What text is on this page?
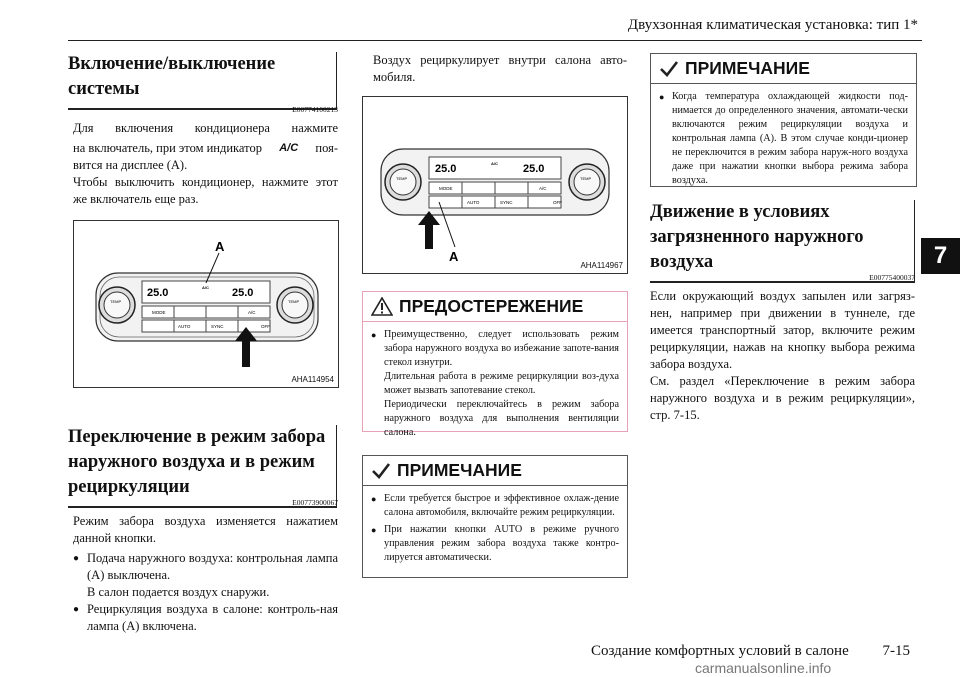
Двухзонная климатическая установка: тип 1*
7
Включение/выключение
системы
E00774100213

Для включения кондиционера нажмите

на включатель, при этом индикатор A/C поя-

вится на дисплее (A).

Чтобы выключить кондиционер, нажмите этот же включатель еще раз.

TEMP	TEMP
25.0	25.0
A/C
MODE	A/C
AUTO	SYNC	OFF
A
AHA114954
Переключение в режим забора
наружного воздуха и в режим
рециркуляции
E00773900067
Режим забора воздуха изменяется нажатием данной кнопки.
● Подача наружного воздуха: контрольная лампа (A) выключена.
В салон подается воздух снаружи.
● Рециркуляция воздуха в салоне: контроль-ная лампа (A) включена.
Воздух рециркулирует внутри салона авто-мобиля.
TEMP	TEMP
25.0	25.0
A/C
MODE	A/C
AUTO	SYNC	OFF
A
AHA114967
ПРЕДОСТЕРЕЖЕНИЕ
● Преимущественно, следует использовать режим забора наружного воздуха во избежание запоте-вания стекол изнутри.
Длительная работа в режиме рециркуляции воз-духа может вызвать запотевание стекол.
Периодически переключайтесь в режим забора наружного воздуха для выполнения вентиляции салона.
ПРИМЕЧАНИЕ
● Если требуется быстрое и эффективное охлаж-дение салона автомобиля, включайте режим рециркуляции.
● При нажатии кнопки AUTO в режиме ручного управления режим забора воздуха также контро-лируется автоматически.
ПРИМЕЧАНИЕ
● Когда температура охлаждающей жидкости под-нимается до определенного значения, автомати-чески включаются режим рециркуляции воздуха и контрольная лампа (A). В этом случае конди-ционер не переключится в режим забора наруж-ного воздуха даже при нажатии кнопки выбора режима забора воздуха.
Движение в условиях
загрязненного наружного
воздуха
E00775400037

Если окружающий воздух запылен или загряз-нен, например при движении в туннеле, где имеется транспортный затор, включите режим рециркуляции, нажав на кнопку выбора режима забора воздуха.

См. раздел «Переключение в режим забора наружного воздуха и в режим рециркуляции», стр. 7-15.

Создание комфортных условий в салоне 7-15
carmanualsonline.info
